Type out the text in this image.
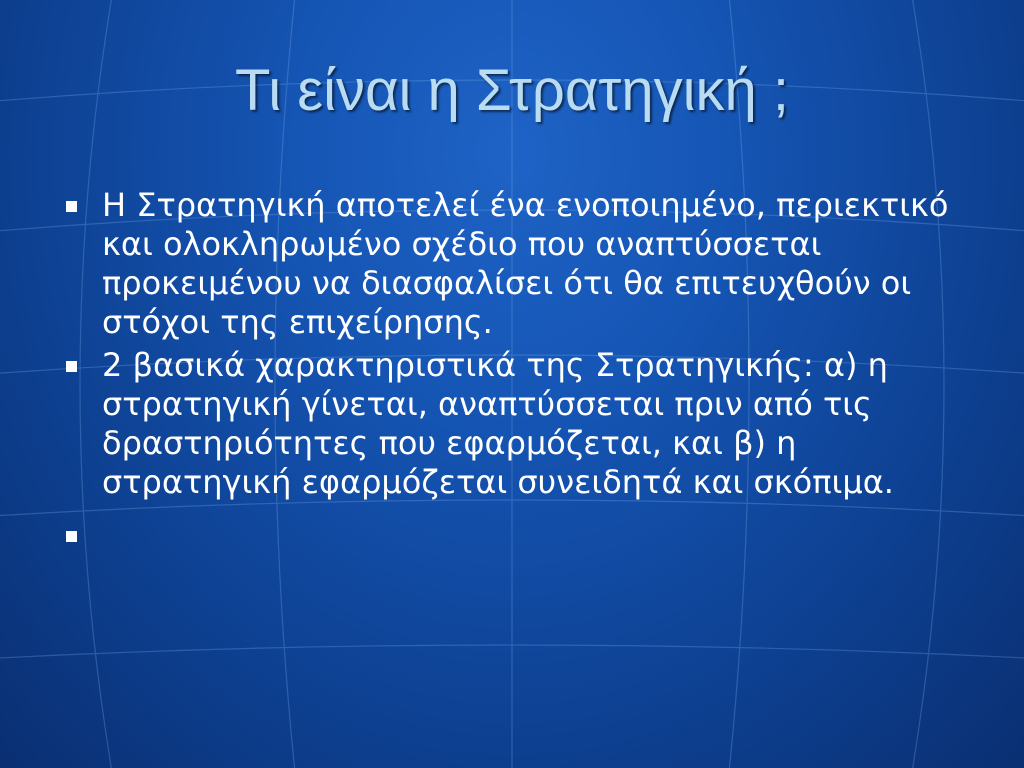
Τι είναι η Στρατηγική ;
Η Στρατηγική αποτελεί ένα ενοποιημένο, περιεκτικό και ολοκληρωμένο σχέδιο που αναπτύσσεται προκειμένου να διασφαλίσει ότι θα επιτευχθούν οι στόχοι της επιχείρησης.
2 βασικά χαρακτηριστικά της Στρατηγικής: α) η στρατηγική γίνεται, αναπτύσσεται πριν από τις δραστηριότητες που εφαρμόζεται, και β) η στρατηγική εφαρμόζεται συνειδητά και σκόπιμα.
